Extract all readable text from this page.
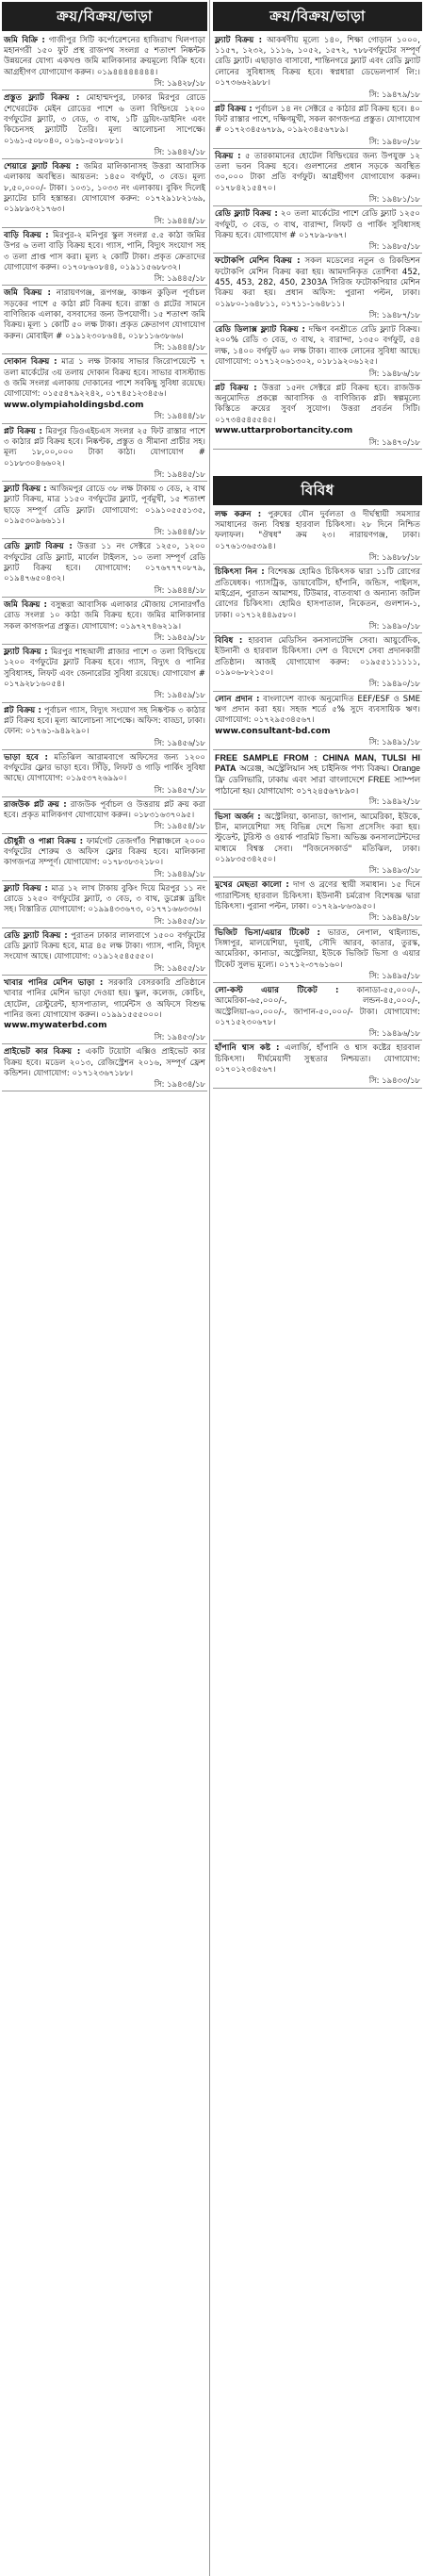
ক্রয়/বিক্রয়/ভাড়া
জমি বিক্রি : গাজীপুর সিটি কর্পোরেশনের হাজিরাখ খিলপাড়া মহানগরী ১৫০ ফুট প্রস্থ রাজপথ সংলগ্ন ৫ শতাংশ নিষ্কন্টক উন্নয়নের যোগ্য একখণ্ড জমি মালিকানার ক্রয়মূল্যে বিক্রি হবে। আগ্রহীগণ যোগাযোগ করুন। ০১৯৪৪৪৪৪৪৪৪।
সি: ১৯৪২৮/১৮
প্রস্তুত ফ্ল্যাট বিক্রয় : মোহাম্মদপুর, ঢাকার মিরপুর রোডে শেখেরটেক মেইন রোডের পাশে ৬ তলা বিল্ডিংয়ে ১২০০ বর্গফুটের ফ্ল্যাট, ৩ বেড, ৩ বাথ, ১টি ড্রয়িং-ডাইনিং এবং কিচেনসহ ফ্ল্যাটটি তৈরি। মূল্য আলোচনা সাপেক্ষে। ০১৬১-৫০৮০৪০, ০১৬১-৫০৮০৮১।
সি: ১৯৪৪২/১৮
শেয়ারে ফ্ল্যাট বিক্রয় : জমির মালিকানাসহ উত্তরা আবাসিক এলাকায় অবস্থিত। আয়তন: ১৪৫০ বর্গফুট, ৩ বেড। মূল্য ৮,৫০,০০০/- টাকা। ১০৩১, ১০৩৩ নং এলাকায়। বুকিং দিলেই ফ্ল্যাটের চাবি হস্তান্তর। যোগাযোগ করুন: ০১৭২৯১৮২১৬৯, ০১৯৮৯৩২১৭৬৩।
সি: ১৯৪৪৪/১৮
বাড়ি বিক্রয় : মিরপুর-২ মনিপুর স্কুল সংলগ্ন ৫.৫ কাঠা জমির উপর ৬ তলা বাড়ি বিক্রয় হবে। গ্যাস, পানি, বিদ্যুৎ সংযোগ সহ ৩ তলা প্রাপ্ত পাস করা। মূল্য ২ কোটি টাকা। প্রকৃত ক্রেতাদের যোগাযোগ করুন। ০১৭০৮৬০৮৪৪, ০১৯১১৫৬৮৮৩২।
সি: ১৯৪৪৫/১৮
জমি বিক্রয় : নারায়ণগঞ্জ, রূপগঞ্জ, কাঞ্চন কুড়িল পূর্বাচল সড়কের পাশে ৫ কাঠা প্লট বিক্রয় হবে। রাস্তা ও প্লটের সামনে বাণিজ্যিক এলাকা, বসবাসের জন্য উপযোগী। ১৫ শতাংশ জমি বিক্রয়। মূল্য ১ কোটি ৫০ লক্ষ টাকা। প্রকৃত ক্রেতাগণ যোগাযোগ করুন। মোবাইল # ০১৯১২৩০৮৬৪৪, ০১৮১১৬৩৮৬৬।
সি: ১৯৪৪৪/১৮
দোকান বিক্রয় : মাত্র ১ লক্ষ টাকায় সাভার জিরোপয়েন্টে ৭ তলা মার্কেটের ৩য় তলায় দোকান বিক্রয় হবে। সাভার বাসস্ট্যান্ড ও জমি সংলগ্ন এলাকায় দোকানের পাশে সবকিছু সুবিধা রয়েছে। যোগাযোগ: ০১৫৫৪৭৯২২৪২, ০১৭৪৫১২৩৪৫৬।
www.olympiaholdingsbd.com
সি: ১৯৪৪৪/১৮
প্লট বিক্রয় : মিরপুর ডিওএইচএস সংলগ্ন ২৫ ফিট রাস্তার পাশে ৩ কাঠার প্লট বিক্রয় হবে। নিষ্কণ্টক, প্রস্তুত ও সীমানা প্রাচীর সহ। মূল্য ১৮,০০,০০০ টাকা কাঠা। যোগাযোগ # ০১৮৮৩০৪৬৬০২।
সি: ১৯৪৪৫/১৮
ফ্ল্যাট বিক্রয় : আজিমপুর রোডে ৩৮ লক্ষ টাকায় ৩ বেড, ২ বাথ ফ্ল্যাট বিক্রয়, মাত্র ১১৫০ বর্গফুটের ফ্ল্যাট, পূর্বমুখী, ১৫ শতাংশ ছাড়ে সম্পূর্ণ রেডি ফ্ল্যাট। যোগাযোগ: ০১৯১০৫৫৫১৩৫, ০১৯৫৩০৯৬৬১১।
সি: ১৯৪৪৪/১৮
রেডি ফ্ল্যাট বিক্রয় : উত্তরা ১১ নং সেক্টরে ১২৫০, ১২০০ বর্গফুটের রেডি ফ্ল্যাট, মার্বেল টাইলস, ১০ তলা সম্পূর্ণ রেডি ফ্ল্যাট বিক্রয় হবে। যোগাযোগ: ০১৭৬৭৭৭০৮৭৯, ০১৯৪৭৬৫০৪৩২।
সি: ১৯৪৪৪/১৮
জমি বিক্রয় : বসুন্ধরা আবাসিক এলাকার মৌজায় সোনারগাঁও রোড সংলগ্ন ১০ কাঠা জমি বিক্রয় হবে। জমির মালিকানার সকল কাগজপত্র প্রস্তুত। যোগাযোগ: ০১৯৭২৭৪৬২১৯।
সি: ১৯৪৫৯/১৮
ফ্ল্যাট বিক্রয় : মিরপুর শাহআলী প্লাজার পাশে ৩ তলা বিল্ডিংয়ে ১২০০ বর্গফুটের ফ্ল্যাট বিক্রয় হবে। গ্যাস, বিদ্যুৎ ও পানির সুবিধাসহ, লিফট এবং জেনারেটর সুবিধা রয়েছে। যোগাযোগ # ০১৭৯২৮১৬০৫৪।
সি: ১৯৪৫৯/১৮
প্লট বিক্রয় : পূর্বাচল গ্যাস, বিদ্যুৎ সংযোগ সহ নিষ্কণ্টক ৩ কাঠার প্লট বিক্রয় হবে। মূল্য আলোচনা সাপেক্ষে। অফিস: বাড্ডা, ঢাকা। ফোন: ০১৭৬১-৯৪৯২৯০।
সি: ১৯৪৫৬/১৮
ভাড়া হবে : মতিঝিল আরামবাগে অফিসের জন্য ১২০০ বর্গফুটের ফ্লোর ভাড়া হবে। সিঁড়ি, লিফট ও গাড়ি পার্কিং সুবিধা আছে। যোগাযোগ: ০১৯৫৩৭২৬৯৯০।
সি: ১৯৪৫৭/১৮
রাজউক প্লট ক্রয় : রাজউক পূর্বাচল ও উত্তরায় প্লট ক্রয় করা হবে। প্রকৃত মালিকগণ যোগাযোগ করুন। ০১৮৩১৬৩৭০৯৫।
সি: ১৯৪৫৪/১৮
চৌধুরী ও পাপ্পা বিক্রয় : ফার্মগেট তেজগাঁও শিল্পাঞ্চলে ২০০০ বর্গফুটের শোরুম ও অফিস ফ্লোর বিক্রয় হবে। মালিকানা কাগজপত্র সম্পূর্ণ। যোগাযোগ: ০১৭৮৩৮৩২১৮০।
সি: ১৯৪৪৯/১৮
ফ্ল্যাট বিক্রয় : মাত্র ১২ লাখ টাকায় বুকিং দিয়ে মিরপুর ১১ নং রোডে ১২৫০ বর্গফুটের ফ্ল্যাট, ৩ বেড, ৩ বাথ, ডুপ্লেক্স ড্রয়িং সহ। বিস্তারিত যোগাযোগ: ০১৯৯৪৩৩৬৭৩, ০১৭৭১৬৬৩৩৬।
সি: ১৯৪৫৫/১৮
রেডি ফ্ল্যাট বিক্রয় : পুরাতন ঢাকার লালবাগে ১৫০০ বর্গফুটের রেডি ফ্ল্যাট বিক্রয় হবে, মাত্র ৪৫ লক্ষ টাকা। গ্যাস, পানি, বিদ্যুৎ সংযোগ আছে। যোগাযোগ: ০১৯১২৫৪৫৫৫০।
সি: ১৯৪৫৫/১৮
খাবার পানির মেশিন ভাড়া : সরকারি বেসরকারি প্রতিষ্ঠানে খাবার পানির মেশিন ভাড়া দেওয়া হয়। স্কুল, কলেজ, কোচিং, হোটেল, রেস্টুরেন্ট, হাসপাতাল, গার্মেন্টস ও অফিসে বিশুদ্ধ পানির জন্য যোগাযোগ করুন। ০১৯৯১৫৫৫০০০।
www.mywaterbd.com
সি: ১৯৪৫৩/১৮
প্রাইভেট কার বিক্রয় : একটি টয়োটা এক্সিও প্রাইভেট কার বিক্রয় হবে। মডেল ২০১৩, রেজিস্ট্রেশন ২০১৬, সম্পূর্ণ ফ্রেশ কন্ডিশন। যোগাযোগ: ০১৭১২৩৬৭১৮৮।
সি: ১৯৪৩৪/১৮
ক্রয়/বিক্রয়/ভাড়া
ফ্ল্যাট বিক্রয় : আকর্ষণীয় মূল্যে ১৪০, শিক্ষা গোড়ান ১০০০, ১১৫৭, ১২৩২, ১১১৬, ১০৫২, ১৫৭২, ৭৮৮বর্গফুটের সম্পূর্ণ রেডি ফ্ল্যাট। এছাড়াও বাসাবো, শান্তিনগরে ফ্ল্যাট এবং রেডি ফ্ল্যাট লোনের সুবিধাসহ বিক্রয় হবে। স্বপ্নধারা ডেভেলপার্স লি:। ০১৭৩৬৬২৯৮৮।
সি: ১৯৪৭৯/১৮
প্লট বিক্রয় : পূর্বাচল ১৪ নং সেক্টরে ৫ কাঠার প্লট বিক্রয় হবে। ৪০ ফিট রাস্তার পাশে, দক্ষিণমুখী, সকল কাগজপত্র প্রস্তুত। যোগাযোগ # ০১৭২৩৪৫৬৭৮৯, ০১৯২৩৪৫৬৭৮৯।
সি: ১৯৪৮০/১৮
বিক্রয় : ৫ তারকামানের হোটেল বিল্ডিংয়ের জন্য উপযুক্ত ১২ তলা ভবন বিক্রয় হবে। গুলশানের প্রধান সড়কে অবস্থিত ৩০,০০০ টাকা প্রতি বর্গফুট। আগ্রহীগণ যোগাযোগ করুন। ০১৭৮৪২১৫৪৭০।
সি: ১৯৪৮১/১৮
রেডি ফ্ল্যাট বিক্রয় : ২০ তলা মার্কেটের পাশে রেডি ফ্ল্যাট ১২৫০ বর্গফুট, ৩ বেড, ৩ বাথ, বারান্দা, লিফট ও পার্কিং সুবিধাসহ বিক্রয় হবে। যোগাযোগ # ০১৭৮৯-৮৬৭।
সি: ১৯৪৮৫/১৮
ফটোকপি মেশিন বিক্রয় : সকল মডেলের নতুন ও রিকন্ডিশন ফটোকপি মেশিন বিক্রয় করা হয়। আমদানিকৃত তোশিবা 452, 455, 453, 282, 450, 2303A সিরিজ ফটোকপিয়ার মেশিন বিক্রয় করা হয়। প্রধান অফিস: পুরানা পল্টন, ঢাকা। ০১৯৮০-১৬৪৮১১, ০১৭১১-১৬৪৮১১।
সি: ১৯৪৮৭/১৮
রেডি ডিলাক্স ফ্ল্যাট বিক্রয় : দক্ষিণ বনশ্রীতে রেডি ফ্ল্যাট বিক্রয়। ২০০% রেডি ৩ বেড, ৩ বাথ, ২ বারান্দা, ১৩৫০ বর্গফুট, ৫৪ লক্ষ, ১৪০০ বর্গফুট ৬০ লক্ষ টাকা। ব্যাংক লোনের সুবিধা আছে। যোগাযোগ: ০১৭১২০৬১৩০২, ০১৮১৯২০৬১২৫।
সি: ১৯৪৮৬/১৮
প্লট বিক্রয় : উত্তরা ১৫নং সেক্টরে প্লট বিক্রয় হবে। রাজউক অনুমোদিত প্রকল্পে আবাসিক ও বাণিজ্যিক প্লট। স্বল্পমূল্যে কিস্তিতে ক্রয়ের সুবর্ণ সুযোগ। উত্তরা প্রবর্তন সিটি। ০১৭৩৪৫৪৫৫৪৫।
www.uttarprobortancity.com
সি: ১৯৪৭০/১৮
বিবিধ
লক্ষ করুন : পুরুষের যৌন দুর্বলতা ও দীর্ঘস্থায়ী সমস্যার সমাধানের জন্য বিশ্বস্ত হারবাল চিকিৎসা। ২৮ দিনে নিশ্চিত ফলাফল। "ঔষধ" ক্রম ২৩। নারায়ণগঞ্জ, ঢাকা। ০১৭৬১৩৬৫৩৯৪।
সি: ১৯৪৮৮/১৮
চিকিৎসা নিন : বিশেষজ্ঞ হোমিও চিকিৎসক দ্বারা ১১টি রোগের প্রতিষেধক। গ্যাসট্রিক, ডায়াবেটিস, হাঁপানি, জন্ডিস, পাইলস, মাইগ্রেন, পুরাতন আমাশয়, টিউমার, বাতব্যথা ও অন্যান্য জটিল রোগের চিকিৎসা। হোমিও হাসপাতাল, নিকেতন, গুলশান-১, ঢাকা। ০১৭১২৪৪৯৫৮০।
সি: ১৯৪৯০/১৮
বিবিধ : হারবাল মেডিসিন কনসালটেন্সি সেবা। আয়ুর্বেদিক, ইউনানী ও হারবাল চিকিৎসা। দেশ ও বিদেশে সেবা প্রদানকারী প্রতিষ্ঠান। আজই যোগাযোগ করুন: ০১৯৫৫১১১১১১, ০১৯০৬-৮২১৫০।
সি: ১৯৪৯০/১৮
লোন প্রদান : বাংলাদেশ ব্যাংক অনুমোদিত EEF/ESF ও SME ঋণ প্রদান করা হয়। সহজ শর্তে ৫% সুদে ব্যবসায়িক ঋণ। যোগাযোগ: ০১৭২৯৫৩৪৫৬৭।
www.consultant-bd.com
সি: ১৯৪৯১/১৮
FREE SAMPLE FROM : CHINA MAN, TULSI HI PATA অরেঞ্জ, অস্ট্রেলিয়ান সহ চাইনিজ পণ্য বিক্রয়। Orange ফ্রি ডেলিভারি, ঢাকায় এবং সারা বাংলাদেশে FREE স্যাম্পল পাঠানো হয়। যোগাযোগ: ০১৭২৪৫৬৭৮৯০।
সি: ১৯৪৯২/১৮
ভিসা অর্জন : অস্ট্রেলিয়া, কানাডা, জাপান, আমেরিকা, ইউকে, চীন, মালয়েশিয়া সহ বিভিন্ন দেশে ভিসা প্রসেসিং করা হয়। স্টুডেন্ট, টুরিস্ট ও ওয়ার্ক পারমিট ভিসা। অভিজ্ঞ কনসালটেন্টদের মাধ্যমে বিশ্বস্ত সেবা। "বিজনেসকার্ড" মতিঝিল, ঢাকা। ০১৯৮৩৫৩৪২৫০।
সি: ১৯৪৯৩/১৮
মুখের মেছতা কালো : দাগ ও ব্রণের স্থায়ী সমাধান। ১৫ দিনে গ্যারান্টিসহ হারবাল চিকিৎসা। ইউনানী চর্মরোগ বিশেষজ্ঞ দ্বারা চিকিৎসা। পুরানা পল্টন, ঢাকা। ০১৭২৯-৮৬৩৯৫০।
সি: ১৯৪৯৪/১৮
ভিজিট ভিসা/এয়ার টিকেট : ভারত, নেপাল, থাইল্যান্ড, সিঙ্গাপুর, মালয়েশিয়া, দুবাই, সৌদি আরব, কাতার, তুরস্ক, আমেরিকা, কানাডা, অস্ট্রেলিয়া, ইউকে ভিজিট ভিসা ও এয়ার টিকেট সুলভ মূল্যে। ০১৭১২-৩৭৬১৬০।
সি: ১৯৪৯৫/১৮
লো-কস্ট এয়ার টিকেট : কানাডা-৫৫,০০০/-, আমেরিকা-৬৫,০০০/-, লন্ডন-৪৫,০০০/-, অস্ট্রেলিয়া-৬০,০০০/-, জাপান-৫০,০০০/- টাকা। যোগাযোগ: ০১৭১৫২৩০৬৭৮।
সি: ১৯৪৯৬/১৮
হাঁপানি শ্বাস কষ্ট : এলার্জি, হাঁপানি ও শ্বাস কষ্টের হারবাল চিকিৎসা। দীর্ঘমেয়াদী সুস্থতার নিশ্চয়তা। যোগাযোগ: ০১৭০১২৩৪৫৬৭।
সি: ১৯৪৩৩/১৮
